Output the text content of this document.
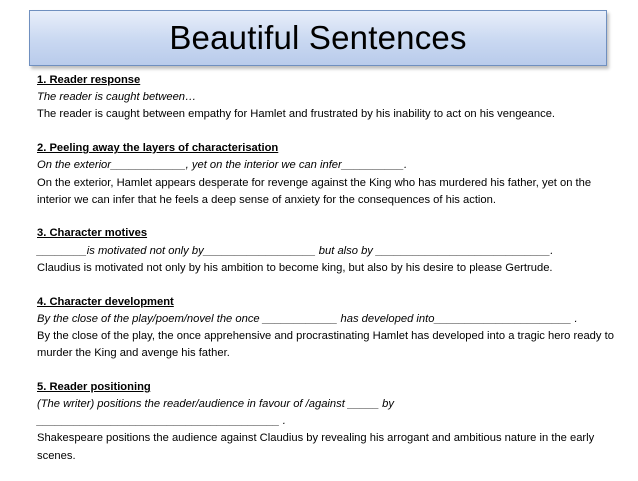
Beautiful Sentences

1. Reader response

The reader is caught between…

The reader is caught between empathy for Hamlet and frustrated by his inability to act on his vengeance.

2. Peeling away the layers of characterisation

On the exterior____________, yet on the interior we can infer__________.

On the exterior, Hamlet appears desperate for revenge against the King who has murdered his father, yet on the interior we can infer that he feels a deep sense of anxiety for the consequences of his action.

3. Character motives

________is motivated not only by__________________ but also by ____________________________.

Claudius is motivated not only by his ambition to become king, but also by his desire to please Gertrude.

4. Character development

By the close of the play/poem/novel the once ____________ has developed into______________________ .

By the close of the play, the once apprehensive and procrastinating Hamlet has developed into a tragic hero ready to murder the King and avenge his father.

5. Reader positioning

(The writer) positions the reader/audience in favour of /against _____ by _______________________________________ .

Shakespeare positions the audience against Claudius by revealing his arrogant and ambitious nature in the early scenes.
